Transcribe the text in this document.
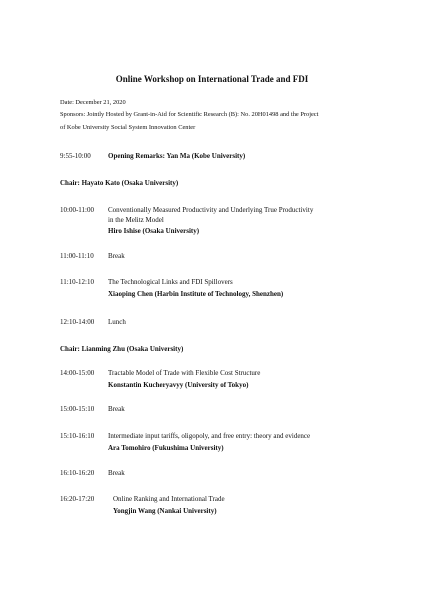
Online Workshop on International Trade and FDI
Date: December 21, 2020
Sponsors: Jointly Hosted by Grant-in-Aid for Scientific Research (B): No. 20H01498 and the Project
of Kobe University Social System Innovation Center
9:55-10:00 Opening Remarks: Yan Ma (Kobe University)
Chair: Hayato Kato (Osaka University)
10:00-11:00 Conventionally Measured Productivity and Underlying True Productivity
in the Melitz Model
Hiro Ishise (Osaka University)
11:00-11:10 Break
11:10-12:10 The Technological Links and FDI Spillovers
Xiaoping Chen (Harbin Institute of Technology, Shenzhen)
12:10-14:00 Lunch
Chair: Lianming Zhu (Osaka University)
14:00-15:00 Tractable Model of Trade with Flexible Cost Structure
Konstantin Kucheryavyy (University of Tokyo)
15:00-15:10 Break
15:10-16:10 Intermediate input tariffs, oligopoly, and free entry: theory and evidence
Ara Tomohiro (Fukushima University)
16:10-16:20 Break
16:20-17:20	Online Ranking and International Trade
Yongjin Wang (Nankai University)
